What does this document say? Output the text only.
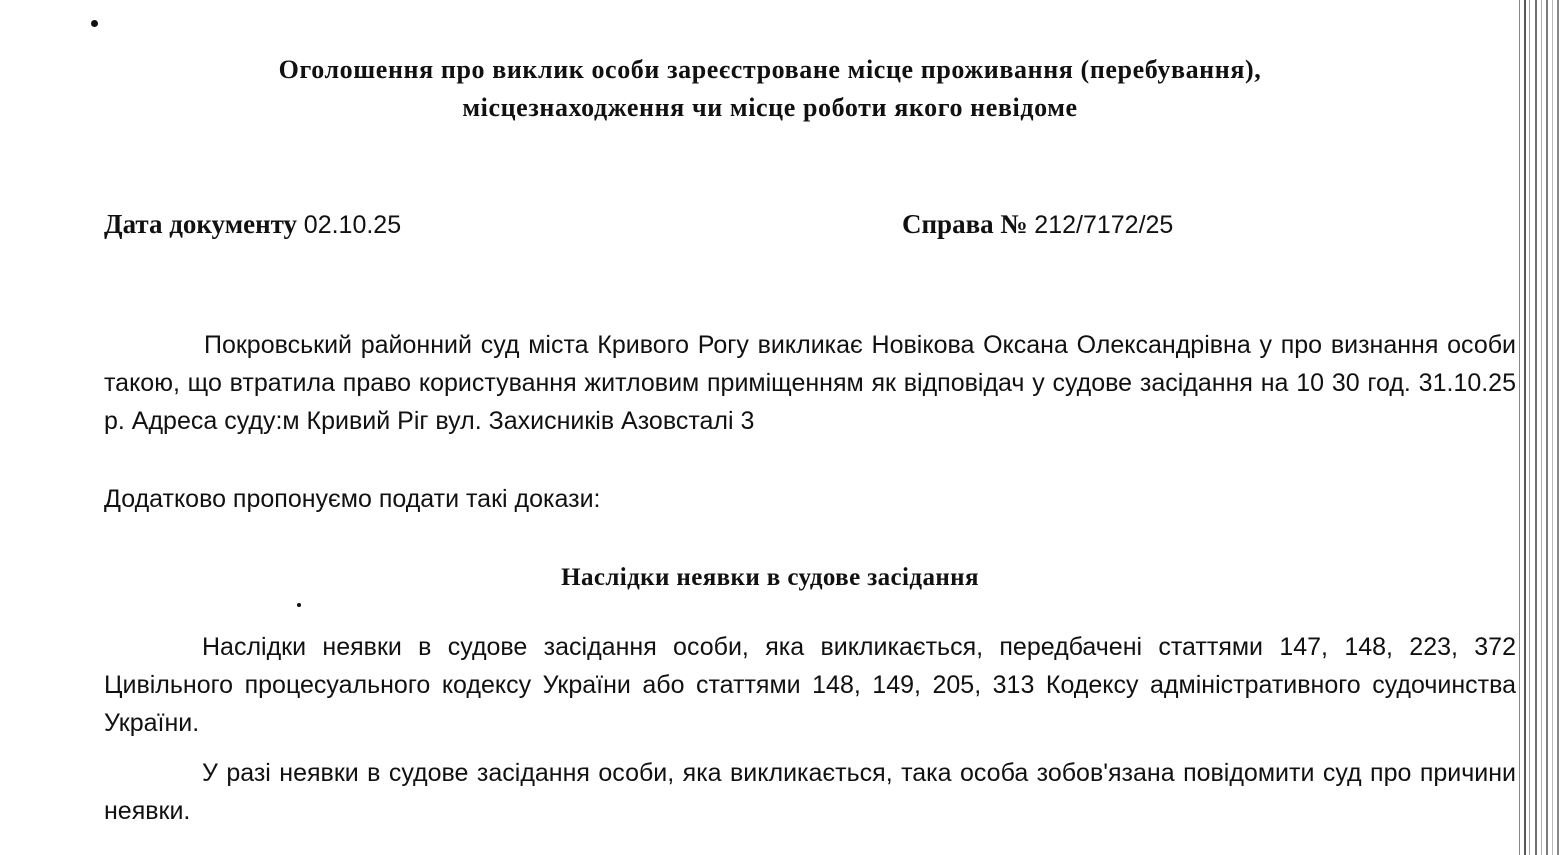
Оголошення про виклик особи зареєстроване місце проживання (перебування),
місцезнаходження чи місце роботи якого невідоме
Дата документу 02.10.25	Справа № 212/7172/25
Покровський районний суд міста Кривого Рогу викликає Новікова Оксана Олександрівна у про визнання особи такою, що втратила право користування житловим приміщенням як відповідач у судове засідання на 10 30 год. 31.10.25 р. Адреса суду:м Кривий Ріг вул. Захисників Азовсталі 3
Додатково пропонуємо подати такі докази:
Наслідки неявки в судове засідання
Наслідки неявки в судове засідання особи, яка викликається, передбачені статтями 147, 148, 223, 372 Цивільного процесуального кодексу України або статтями 148, 149, 205, 313 Кодексу адміністративного судочинства України.
У разі неявки в судове засідання особи, яка викликається, така особа зобов'язана повідомити суд про причини неявки.
